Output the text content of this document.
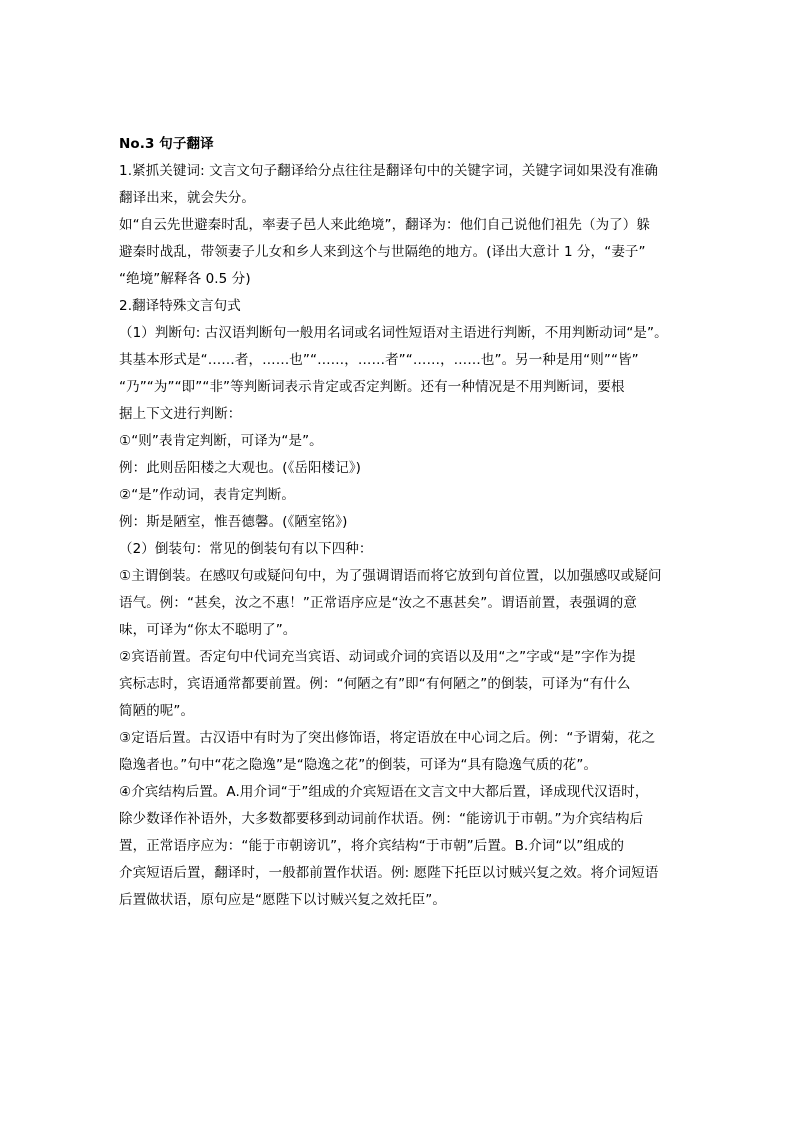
No.3 句子翻译
1.紧抓关键词: 文言文句子翻译给分点往往是翻译句中的关键字词，关键字词如果没有准确
翻译出来，就会失分。
如“自云先世避秦时乱，率妻子邑人来此绝境”，翻译为：他们自己说他们祖先（为了）躲
避秦时战乱，带领妻子儿女和乡人来到这个与世隔绝的地方。(译出大意计 1 分，“妻子”
“绝境”解释各 0.5 分)
2.翻译特殊文言句式
（1）判断句: 古汉语判断句一般用名词或名词性短语对主语进行判断，不用判断动词“是”。
其基本形式是“……者，……也”“……，……者”“……，……也”。另一种是用“则”“皆”
“乃”“为”“即”“非”等判断词表示肯定或否定判断。还有一种情况是不用判断词，要根
据上下文进行判断：
①“则”表肯定判断，可译为“是”。
例：此则岳阳楼之大观也。(《岳阳楼记》)
②“是”作动词，表肯定判断。
例：斯是陋室，惟吾德馨。(《陋室铭》)
（2）倒装句：常见的倒装句有以下四种：
①主谓倒装。在感叹句或疑问句中，为了强调谓语而将它放到句首位置，以加强感叹或疑问
语气。例：“甚矣，汝之不惠！”正常语序应是“汝之不惠甚矣”。谓语前置，表强调的意
味，可译为“你太不聪明了”。
②宾语前置。否定句中代词充当宾语、动词或介词的宾语以及用“之”字或“是”字作为提
宾标志时，宾语通常都要前置。例：“何陋之有”即“有何陋之”的倒装，可译为“有什么
简陋的呢”。
③定语后置。古汉语中有时为了突出修饰语，将定语放在中心词之后。例：“予谓菊，花之
隐逸者也。”句中“花之隐逸”是“隐逸之花”的倒装，可译为“具有隐逸气质的花”。
④介宾结构后置。A.用介词“于”组成的介宾短语在文言文中大都后置，译成现代汉语时，
除少数译作补语外，大多数都要移到动词前作状语。例：“能谤讥于市朝。”为介宾结构后
置，正常语序应为：“能于市朝谤讥”，将介宾结构“于市朝”后置。B.介词“以”组成的
介宾短语后置，翻译时，一般都前置作状语。例: 愿陛下托臣以讨贼兴复之效。将介词短语
后置做状语，原句应是“愿陛下以讨贼兴复之效托臣”。
